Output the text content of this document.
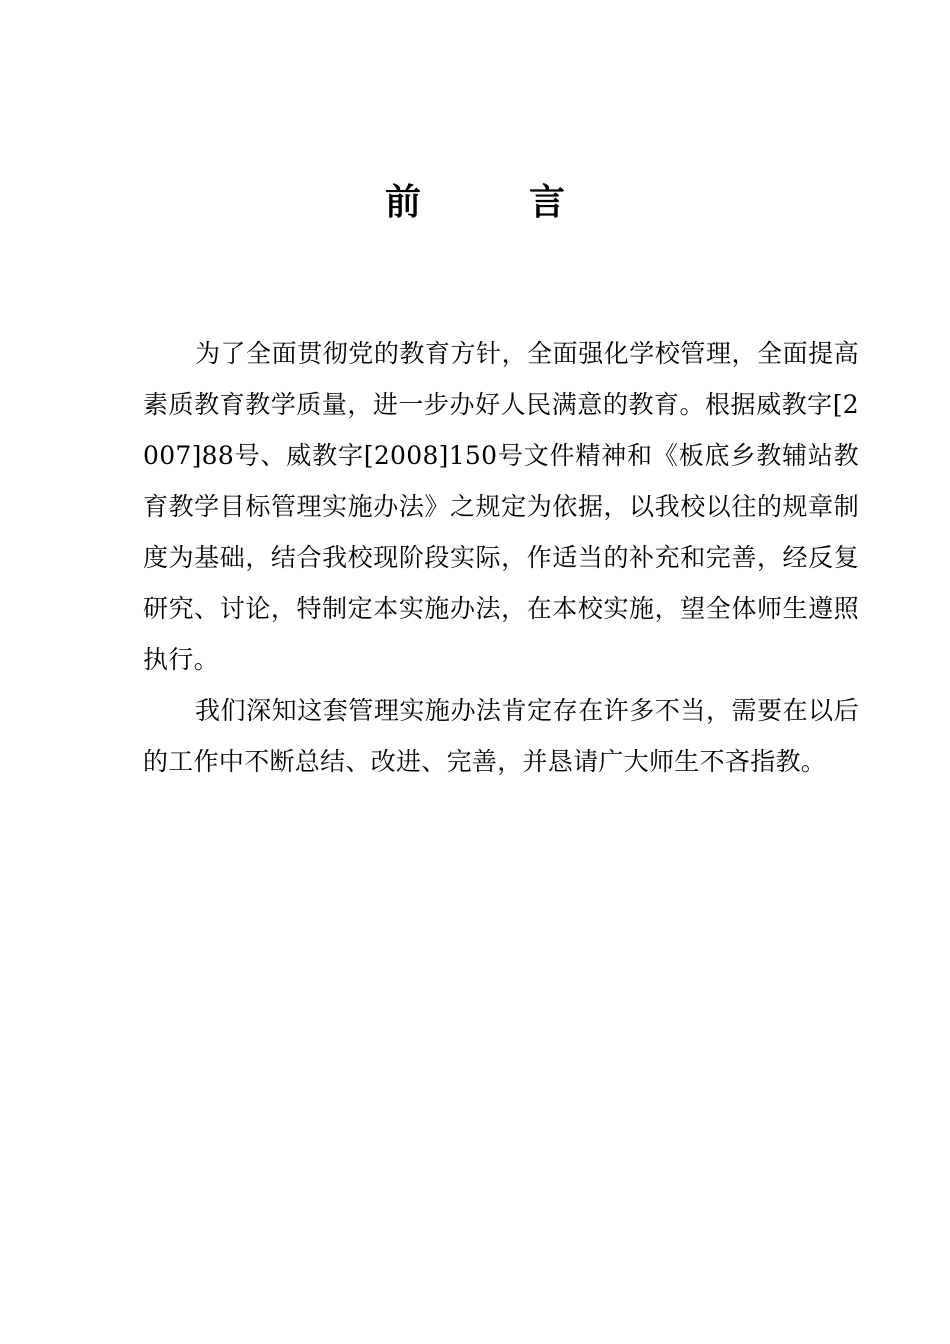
前　言

为了全面贯彻党的教育方针，全面强化学校管理，全面提高素质教育教学质量，进一步办好人民满意的教育。根据威教字[2007]88号、威教字[2008]150号文件精神和《板底乡教辅站教育教学目标管理实施办法》之规定为依据，以我校以往的规章制度为基础，结合我校现阶段实际，作适当的补充和完善，经反复研究、讨论，特制定本实施办法，在本校实施，望全体师生遵照执行。

我们深知这套管理实施办法肯定存在许多不当，需要在以后的工作中不断总结、改进、完善，并恳请广大师生不吝指教。
